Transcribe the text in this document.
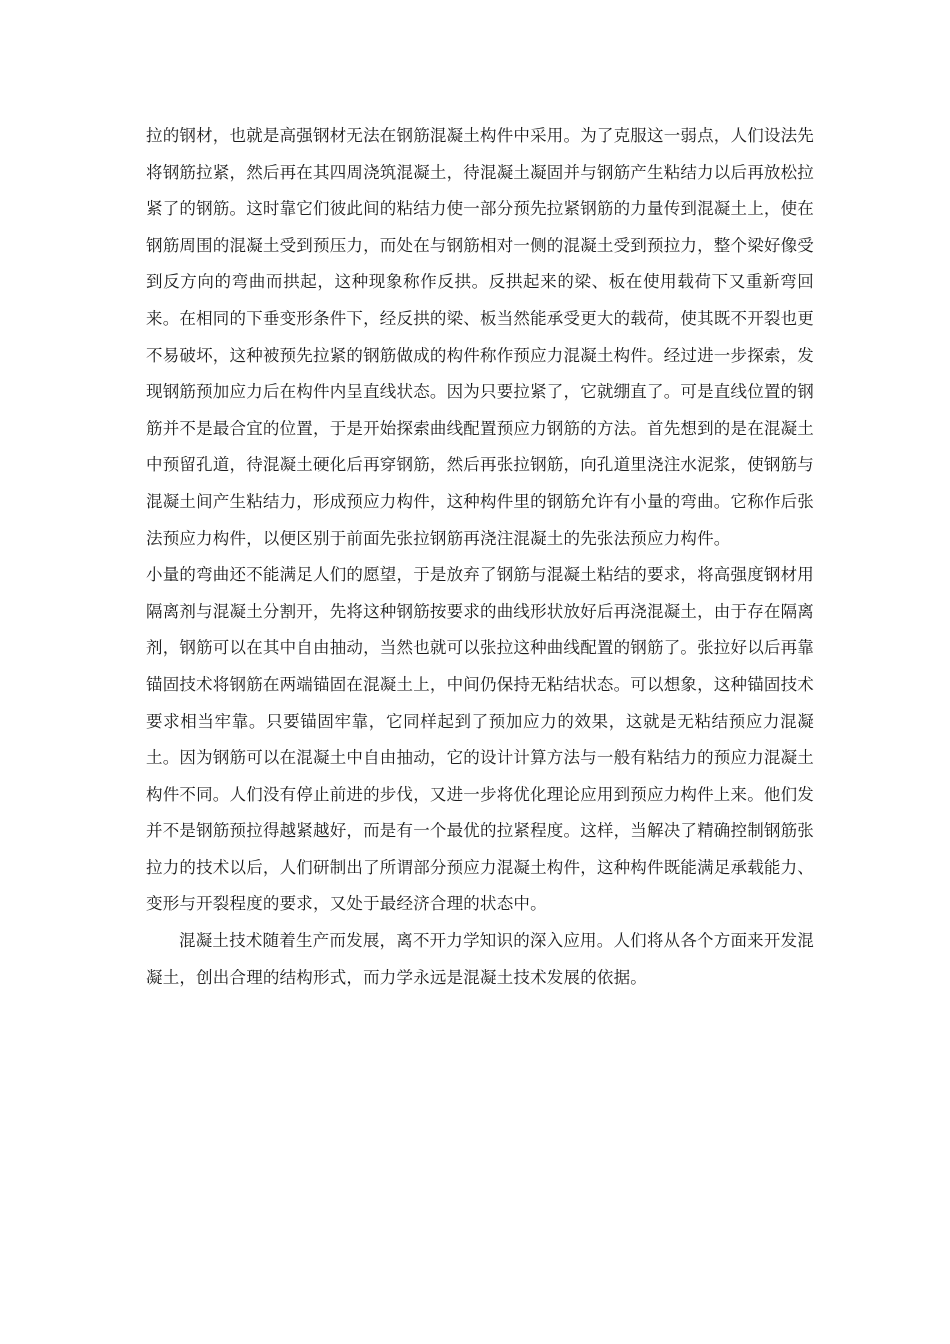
拉的钢材，也就是高强钢材无法在钢筋混凝土构件中采用。为了克服这一弱点，人们设法先将钢筋拉紧，然后再在其四周浇筑混凝土，待混凝土凝固并与钢筋产生粘结力以后再放松拉紧了的钢筋。这时靠它们彼此间的粘结力使一部分预先拉紧钢筋的力量传到混凝土上，使在钢筋周围的混凝土受到预压力，而处在与钢筋相对一侧的混凝土受到预拉力，整个梁好像受到反方向的弯曲而拱起，这种现象称作反拱。反拱起来的梁、板在使用载荷下又重新弯回来。在相同的下垂变形条件下，经反拱的梁、板当然能承受更大的载荷，使其既不开裂也更不易破坏，这种被预先拉紧的钢筋做成的构件称作预应力混凝土构件。经过进一步探索，发现钢筋预加应力后在构件内呈直线状态。因为只要拉紧了，它就绷直了。可是直线位置的钢筋并不是最合宜的位置，于是开始探索曲线配置预应力钢筋的方法。首先想到的是在混凝土中预留孔道，待混凝土硬化后再穿钢筋，然后再张拉钢筋，向孔道里浇注水泥浆，使钢筋与混凝土间产生粘结力，形成预应力构件，这种构件里的钢筋允许有小量的弯曲。它称作后张法预应力构件，以便区别于前面先张拉钢筋再浇注混凝土的先张法预应力构件。

小量的弯曲还不能满足人们的愿望，于是放弃了钢筋与混凝土粘结的要求，将高强度钢材用隔离剂与混凝土分割开，先将这种钢筋按要求的曲线形状放好后再浇混凝土，由于存在隔离剂，钢筋可以在其中自由抽动，当然也就可以张拉这种曲线配置的钢筋了。张拉好以后再靠锚固技术将钢筋在两端锚固在混凝土上，中间仍保持无粘结状态。可以想象，这种锚固技术要求相当牢靠。只要锚固牢靠，它同样起到了预加应力的效果，这就是无粘结预应力混凝土。因为钢筋可以在混凝土中自由抽动，它的设计计算方法与一般有粘结力的预应力混凝土构件不同。人们没有停止前进的步伐，又进一步将优化理论应用到预应力构件上来。他们发并不是钢筋预拉得越紧越好，而是有一个最优的拉紧程度。这样，当解决了精确控制钢筋张拉力的技术以后，人们研制出了所谓部分预应力混凝土构件，这种构件既能满足承载能力、变形与开裂程度的要求，又处于最经济合理的状态中。

混凝土技术随着生产而发展，离不开力学知识的深入应用。人们将从各个方面来开发混凝土，创出合理的结构形式，而力学永远是混凝土技术发展的依据。
